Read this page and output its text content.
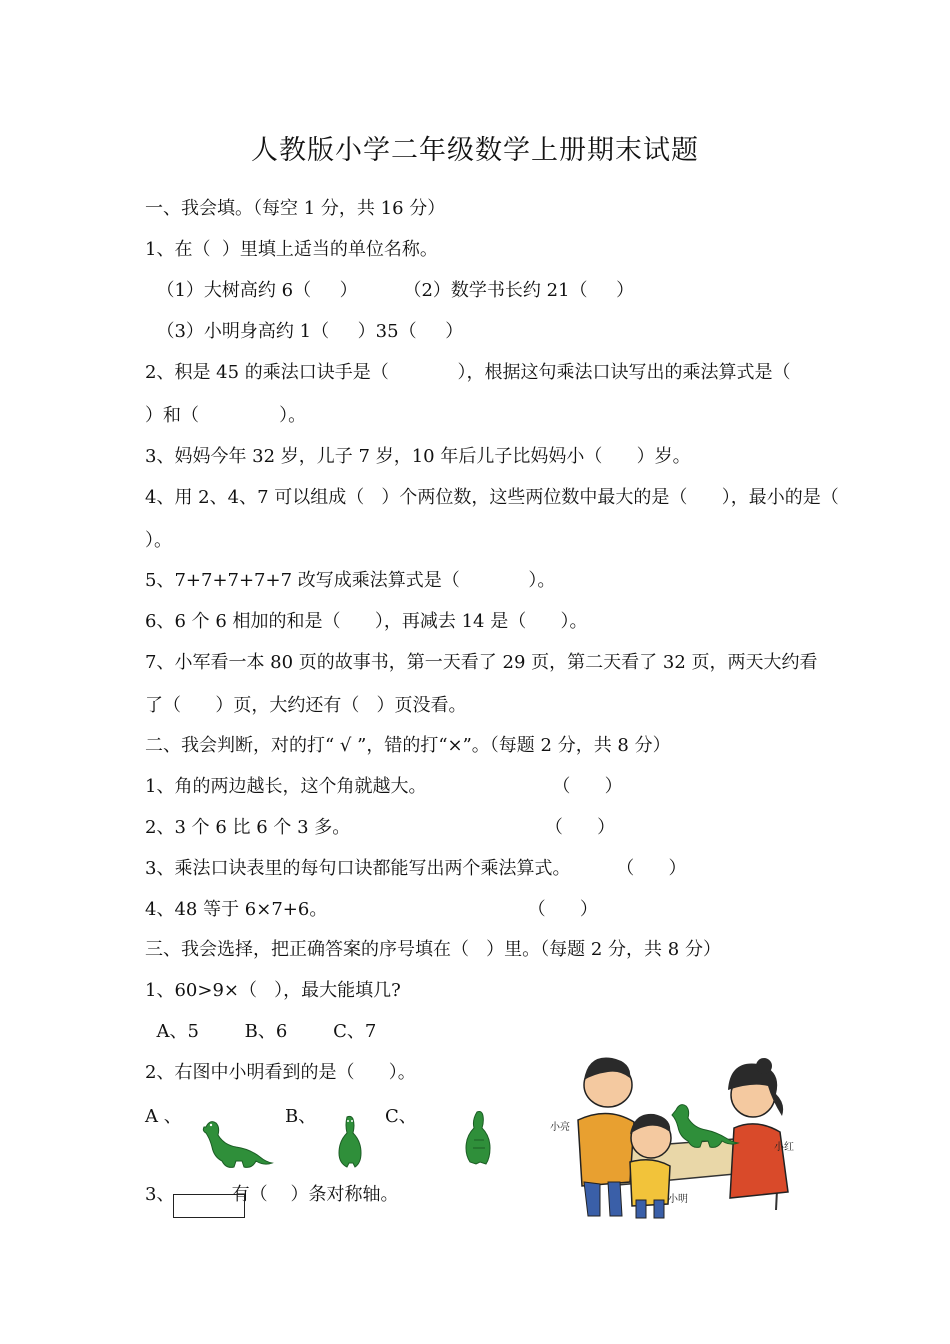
人教版小学二年级数学上册期末试题
一、我会填。（每空 1 分，共 16 分）
1、在（  ）里填上适当的单位名称。
（1）大树高约 6（     ）        （2）数学书长约 21（     ）
（3）小明身高约 1（     ）35（     ）
2、积是 45 的乘法口诀手是（            ），根据这句乘法口诀写出的乘法算式是（
）和（              ）。
3、妈妈今年 32 岁，儿子 7 岁，10 年后儿子比妈妈小（      ）岁。
4、用 2、4、7 可以组成（   ）个两位数，这些两位数中最大的是（      ），最小的是（
）。
5、7+7+7+7+7 改写成乘法算式是（            ）。
6、6 个 6 相加的和是（      ），再减去 14 是（      ）。
7、小军看一本 80 页的故事书，第一天看了 29 页，第二天看了 32 页，两天大约看
了（      ）页，大约还有（   ）页没看。
二、我会判断，对的打“ √ ”，错的打“×”。（每题 2 分，共 8 分）
1、角的两边越长，这个角就越大。                      （      ）
2、3 个 6 比 6 个 3 多。                                  （      ）
3、乘法口诀表里的每句口诀都能写出两个乘法算式。        （      ）
4、48 等于 6×7+6。                                   （      ）
三、我会选择，把正确答案的序号填在（   ）里。（每题 2 分，共 8 分）
1、60>9×（   ），最大能填几?
A、5        B、6        C、7
2、右图中小明看到的是（      ）。
A 、	B、	C、
3、          有（    ）条对称轴。
小亮
小明
小红
